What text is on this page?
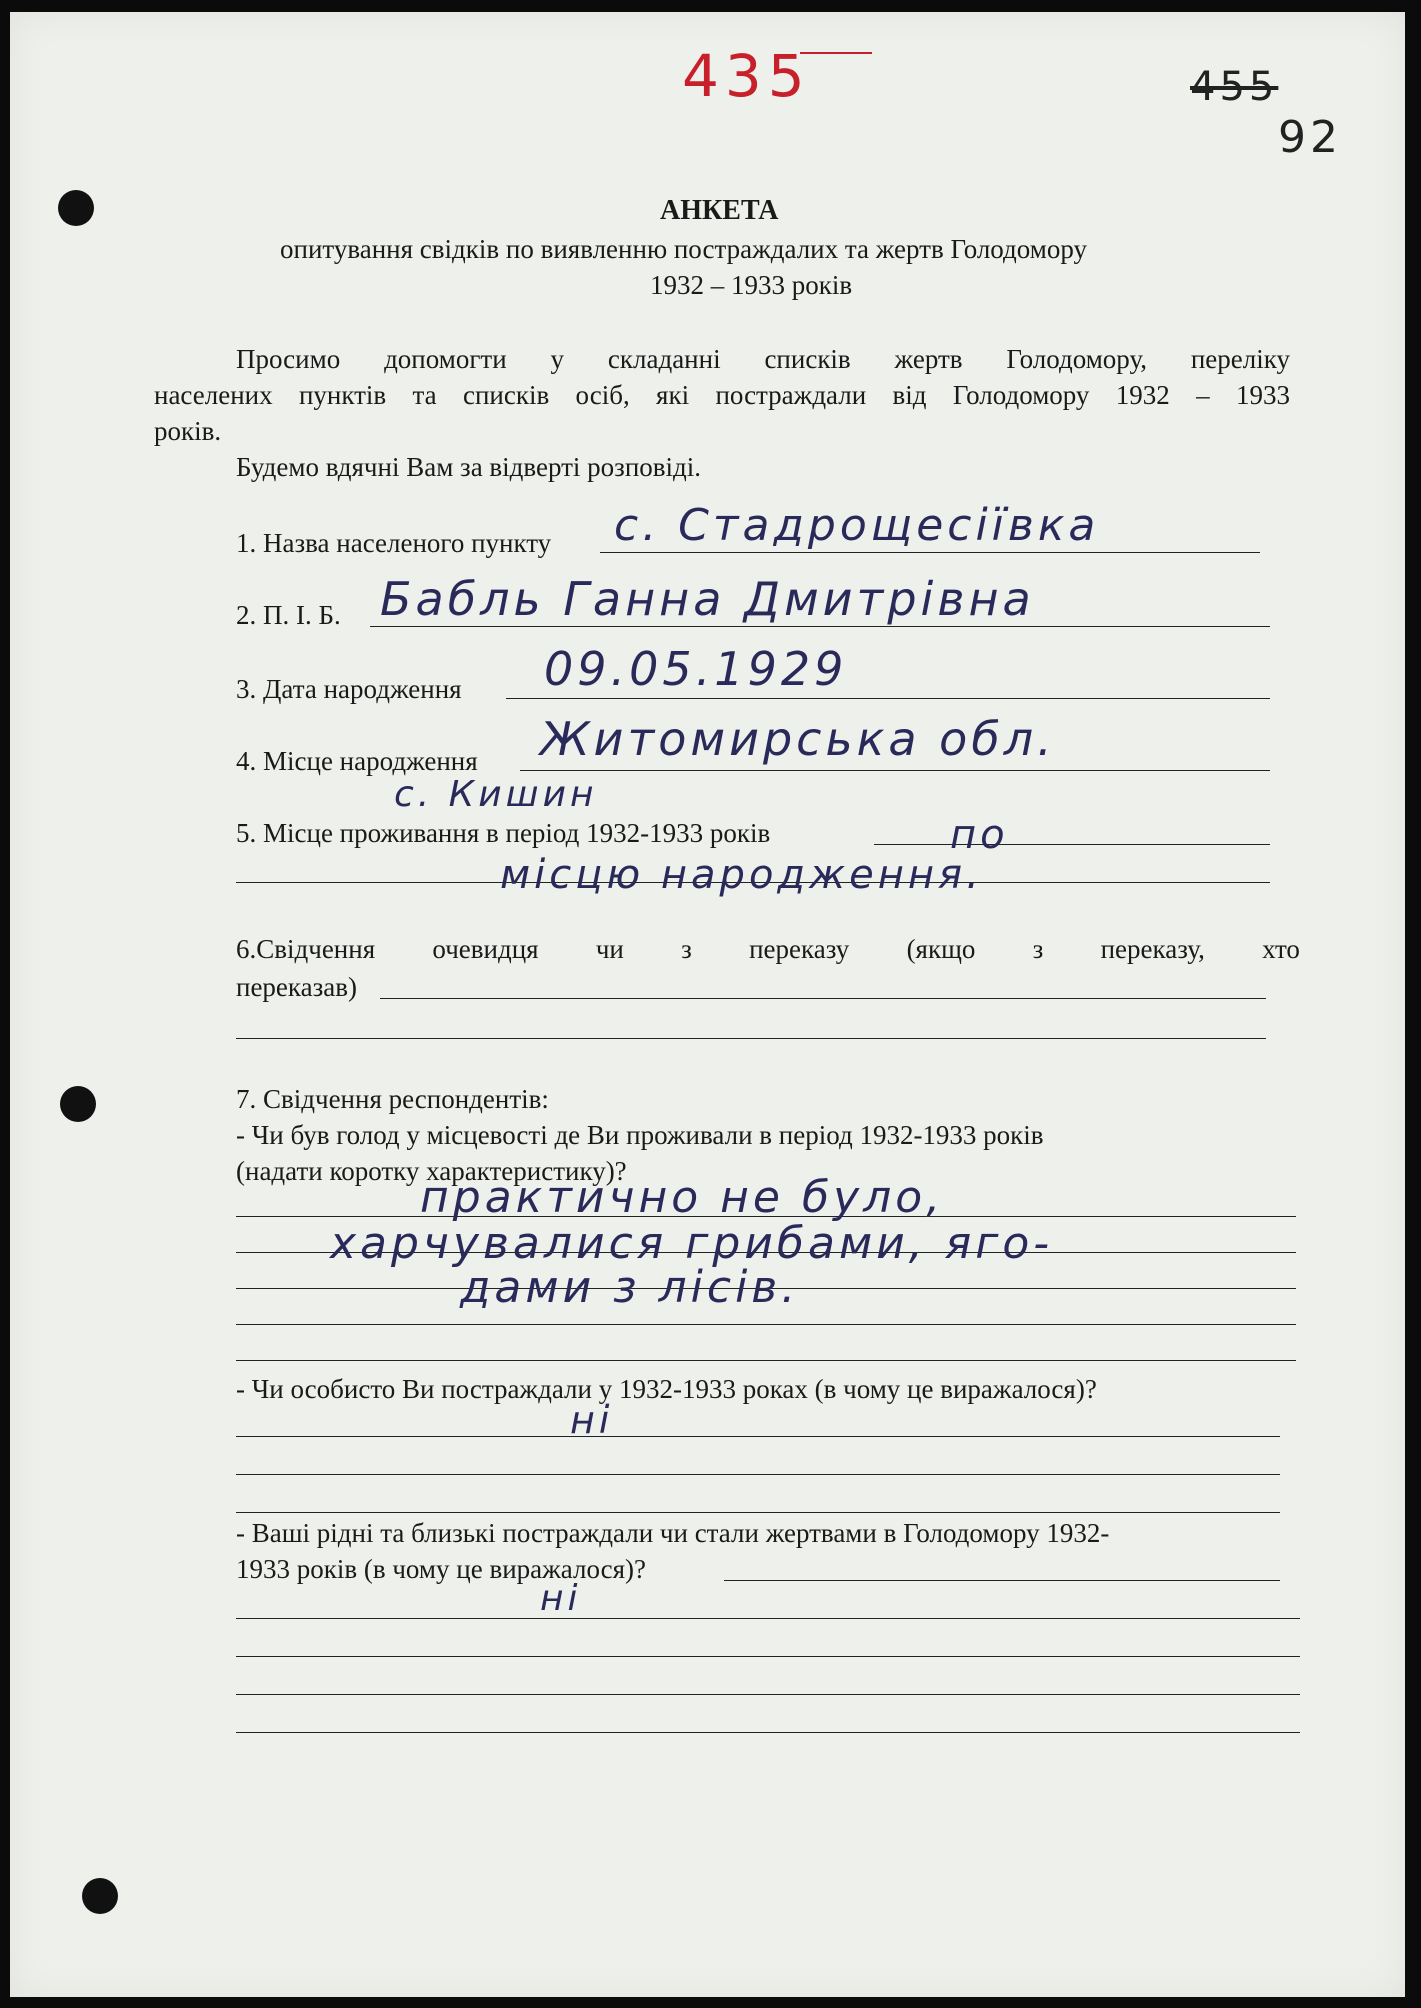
435	455
92
АНКЕТА
опитування свідків по виявленню постраждалих та жертв Голодомору
1932 – 1933 років
Просимо допомогти у складанні списків жертв Голодомору, переліку
населених пунктів та списків осіб, які постраждали від Голодомору 1932 – 1933
років.
Будемо вдячні Вам за відверті розповіді.
1. Назва населеного пункту с. Стадрощесіївка
2. П. І. Б. Бабль Ганна Дмитрівна
3. Дата народження 09.05.1929
4. Місце народження Житомирська обл.
с. Кишин
5. Місце проживання в період 1932-1933 років	по
місцю народження.
6.Свідчення очевидця чи з переказу (якщо з переказу, хто
переказав)
7. Свідчення респондентів:
- Чи був голод у місцевості де Ви проживали в період 1932-1933 років
(надати коротку характеристику)?
практично не було,
харчувалися грибами, яго-
дами з лісів.
- Чи особисто Ви постраждали у 1932-1933 роках (в чому це виражалося)?
ні
- Ваші рідні та близькі постраждали чи стали жертвами в Голодомору 1932-
1933 років (в чому це виражалося)?
ні
